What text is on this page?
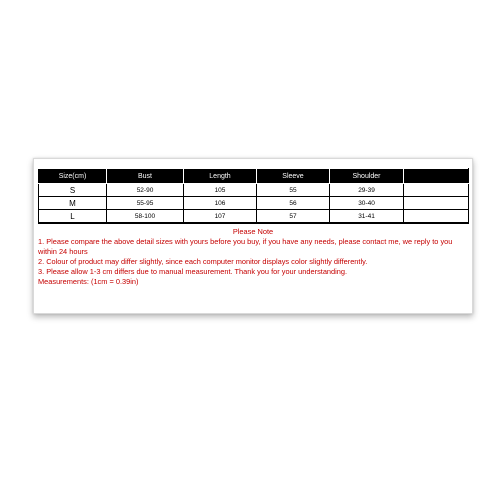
Size(cm)	Bust	Length	Sleeve	Shoulder	
S	52-90	105	55	29-39	
M	55-95	106	56	30-40	
L	58-100	107	57	31-41	
Please Note

1. Please compare the above detail sizes with yours before you buy, if you have any needs, please contact me, we reply to you within 24 hours

2. Colour of product may differ slightly, since each computer monitor displays color slightly differently.

3. Please allow 1-3 cm differs due to manual measurement. Thank you for your understanding.

Measurements: (1cm = 0.39in)
